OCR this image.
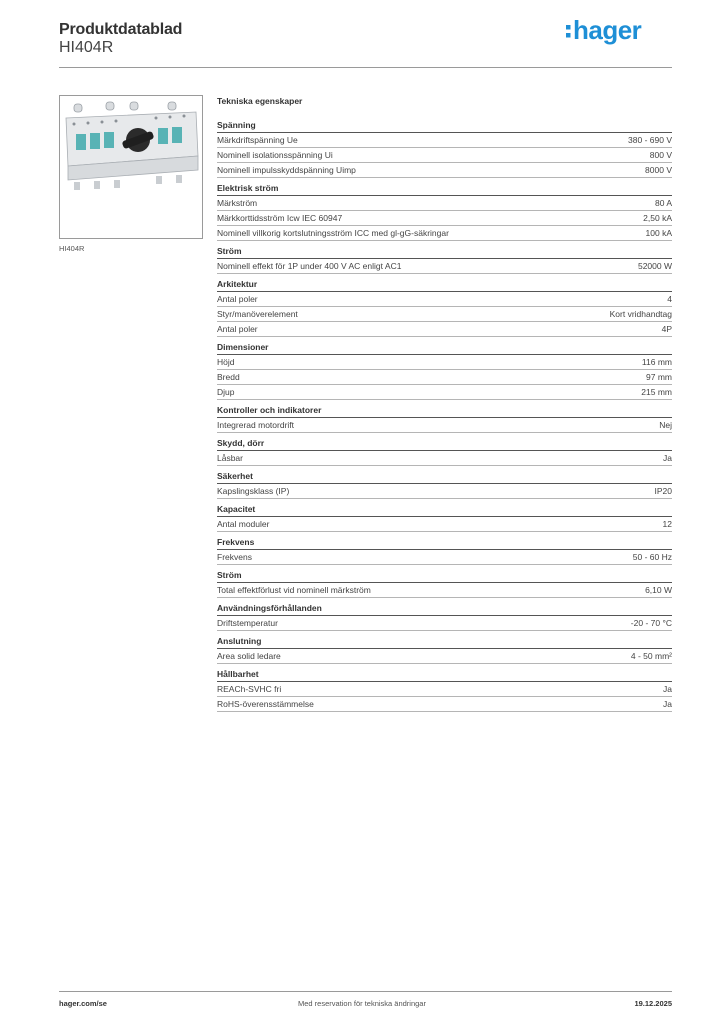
Produktdatablad
HI404R
hager
HI404R
Tekniska egenskaper
Spänning
Märkdriftspänning Ue	380 - 690 V
Nominell isolationsspänning Ui	800 V
Nominell impulsskyddspänning Uimp	8000 V
Elektrisk ström
Märkström	80 A
Märkkorttidsström Icw IEC 60947	2,50 kA
Nominell villkorig kortslutningsström ICC med gl-gG-säkringar	100 kA
Ström
Nominell effekt för 1P under 400 V AC enligt AC1	52000 W
Arkitektur
Antal poler	4
Styr/manöverelement	Kort vridhandtag
Antal poler	4P
Dimensioner
Höjd	116 mm
Bredd	97 mm
Djup	215 mm
Kontroller och indikatorer
Integrerad motordrift	Nej
Skydd, dörr
Låsbar	Ja
Säkerhet
Kapslingsklass (IP)	IP20
Kapacitet
Antal moduler	12
Frekvens
Frekvens	50 - 60 Hz
Ström
Total effektförlust vid nominell märkström	6,10 W
Användningsförhållanden
Driftstemperatur	-20 - 70 °C
Anslutning
Area solid ledare	4 - 50 mm²
Hållbarhet
REACh-SVHC fri	Ja
RoHS-överensstämmelse	Ja
hager.com/se	Med reservation för tekniska ändringar	19.12.2025
